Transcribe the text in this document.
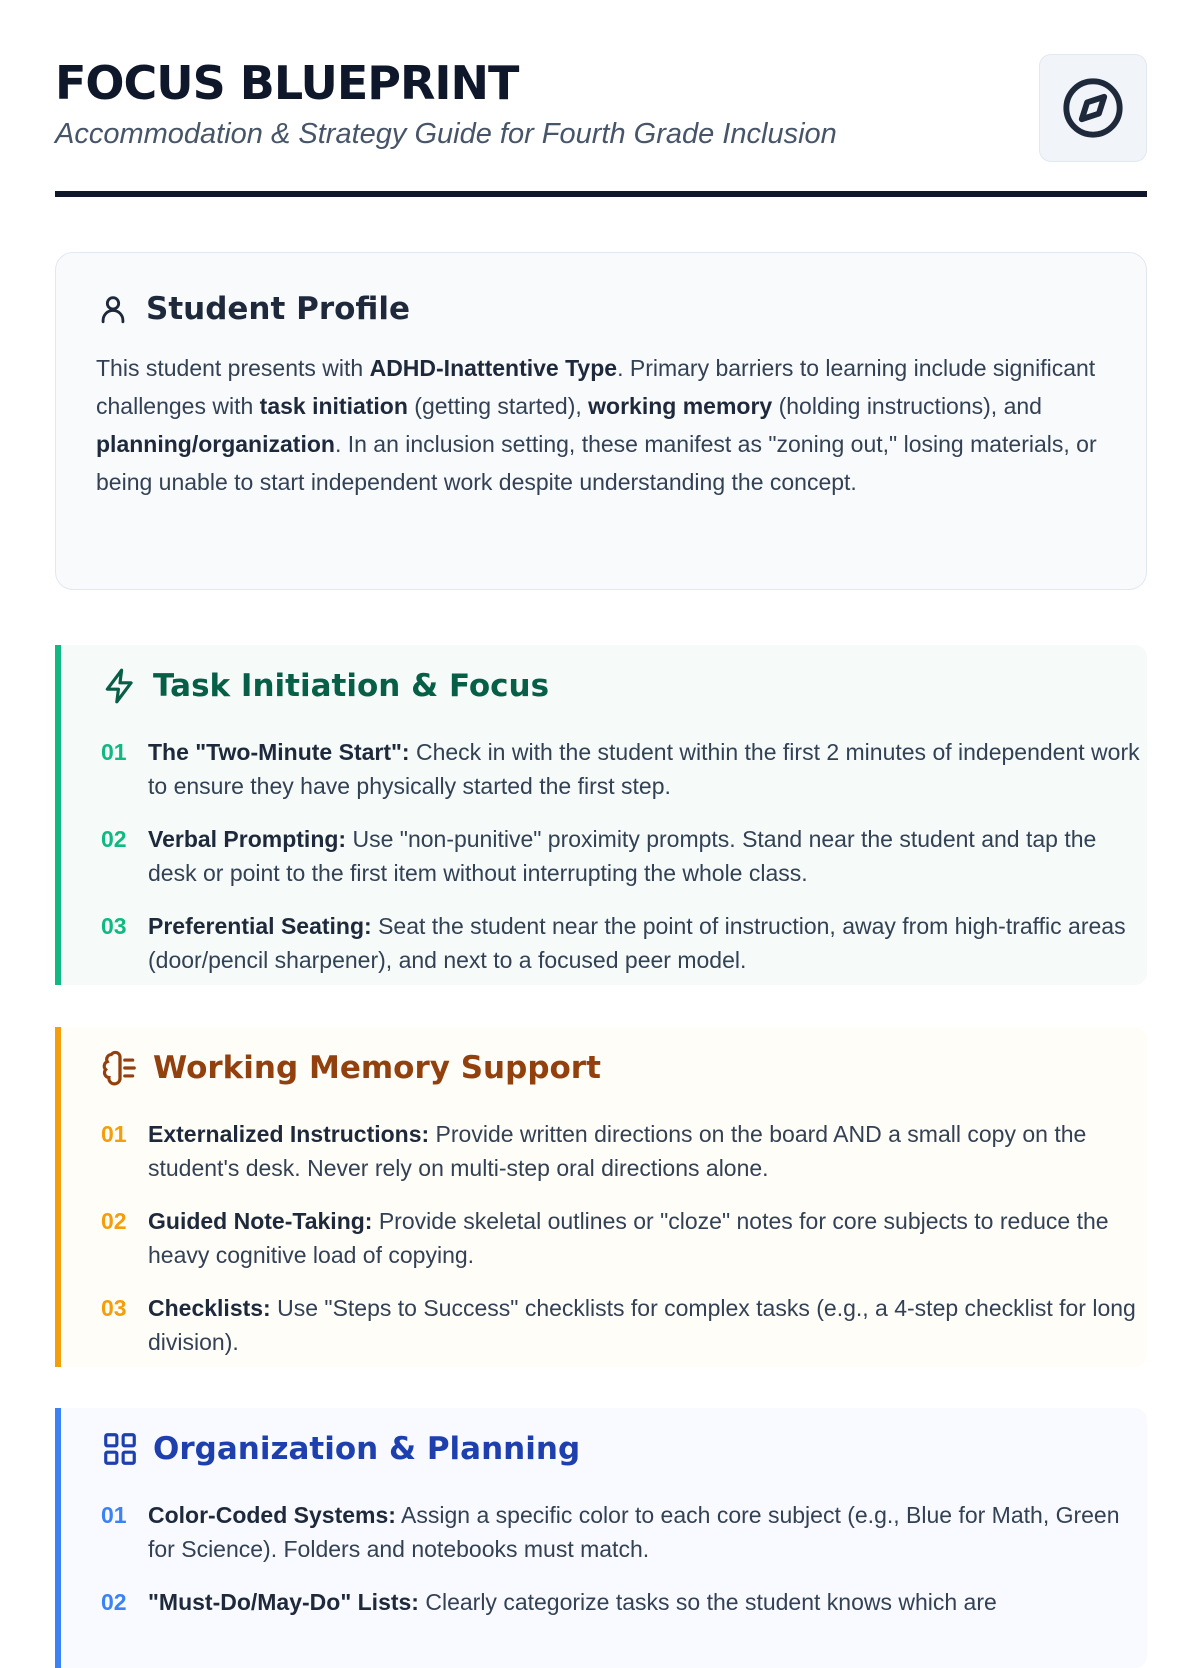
FOCUS BLUEPRINT
Accommodation & Strategy Guide for Fourth Grade Inclusion
Student Profile

This student presents with ADHD-Inattentive Type. Primary barriers to learning include significant challenges with task initiation (getting started), working memory (holding instructions), and planning/organization. In an inclusion setting, these manifest as "zoning out," losing materials, or being unable to start independent work despite understanding the concept.

Task Initiation & Focus
01 The "Two-Minute Start": Check in with the student within the first 2 minutes of independent work to ensure they have physically started the first step.
02 Verbal Prompting: Use "non-punitive" proximity prompts. Stand near the student and tap the desk or point to the first item without interrupting the whole class.
03 Preferential Seating: Seat the student near the point of instruction, away from high-traffic areas (door/pencil sharpener), and next to a focused peer model.
Working Memory Support
01 Externalized Instructions: Provide written directions on the board AND a small copy on the student's desk. Never rely on multi-step oral directions alone.
02 Guided Note-Taking: Provide skeletal outlines or "cloze" notes for core subjects to reduce the heavy cognitive load of copying.
03 Checklists: Use "Steps to Success" checklists for complex tasks (e.g., a 4-step checklist for long division).
Organization & Planning
01 Color-Coded Systems: Assign a specific color to each core subject (e.g., Blue for Math, Green for Science). Folders and notebooks must match.
02 "Must-Do/May-Do" Lists: Clearly categorize tasks so the student knows which are
